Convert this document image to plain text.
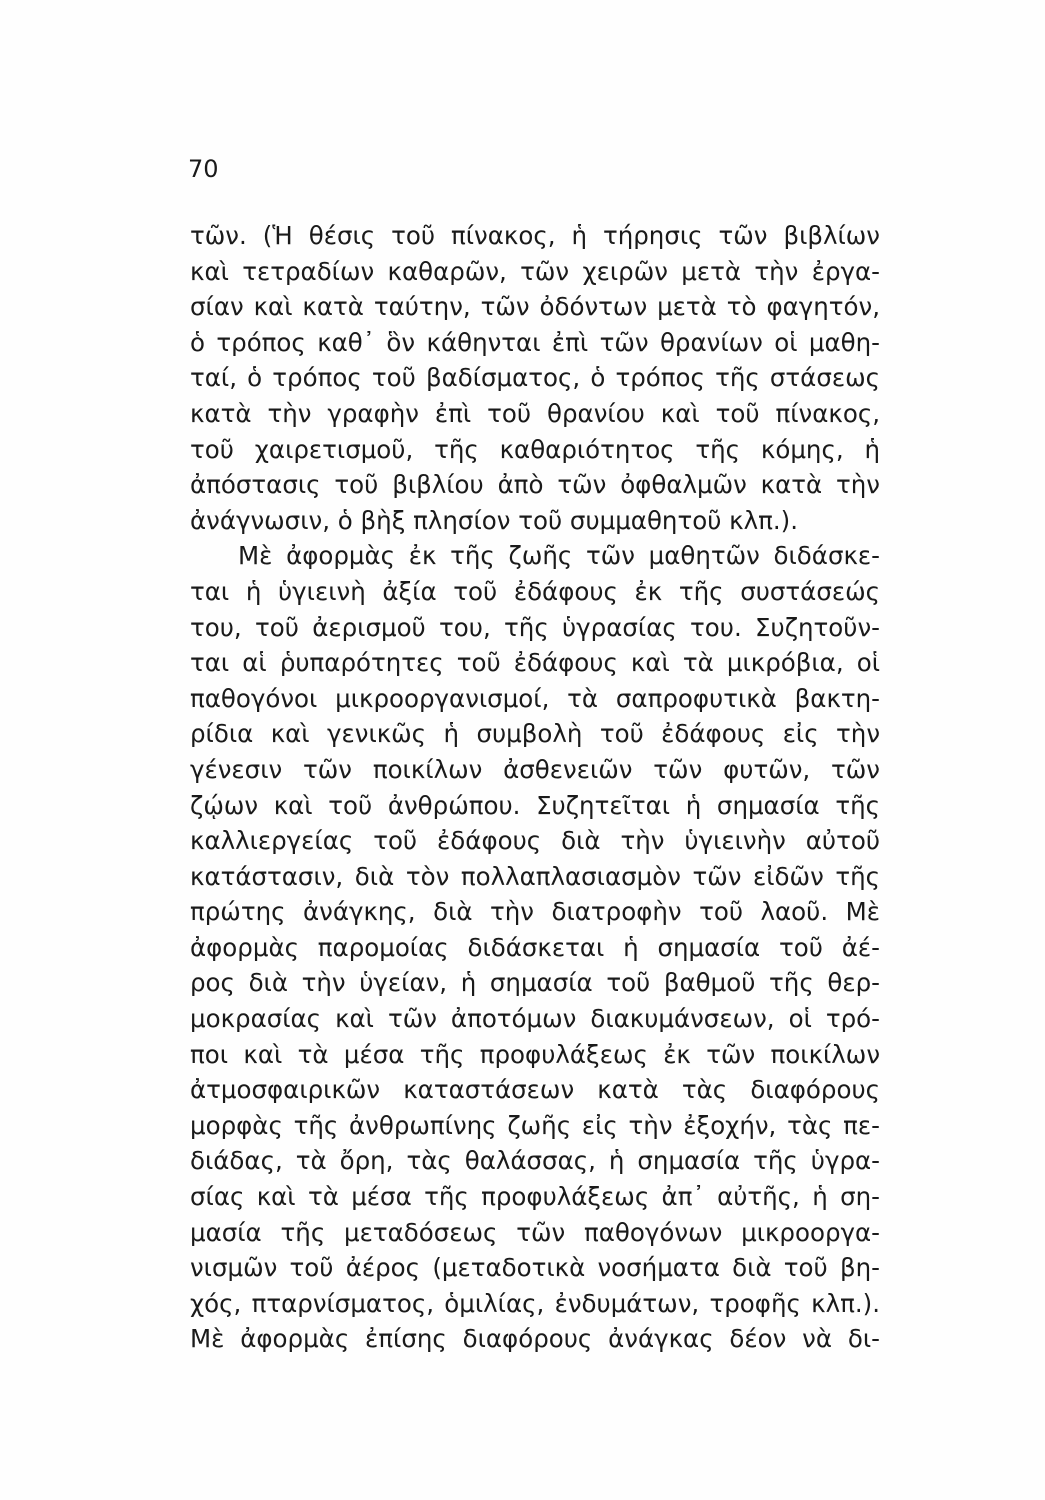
70
τῶν. (Ἡ θέσις τοῦ πίνακος, ἡ τήρησις τῶν βιβλίων
καὶ τετραδίων καθαρῶν, τῶν χειρῶν μετὰ τὴν ἐργα-
σίαν καὶ κατὰ ταύτην, τῶν ὀδόντων μετὰ τὸ φαγητόν,
ὁ τρόπος καθ᾽ ὃν κάθηνται ἐπὶ τῶν θρανίων οἱ μαθη-
ταί, ὁ τρόπος τοῦ βαδίσματος, ὁ τρόπος τῆς στάσεως
κατὰ τὴν γραφὴν ἐπὶ τοῦ θρανίου καὶ τοῦ πίνακος,
τοῦ χαιρετισμοῦ, τῆς καθαριότητος τῆς κόμης, ἡ
ἀπόστασις τοῦ βιβλίου ἀπὸ τῶν ὀφθαλμῶν κατὰ τὴν
ἀνάγνωσιν, ὁ βὴξ πλησίον τοῦ συμμαθητοῦ κλπ.).
Μὲ ἀφορμὰς ἐκ τῆς ζωῆς τῶν μαθητῶν διδάσκε-
ται ἡ ὑγιεινὴ ἀξία τοῦ ἐδάφους ἐκ τῆς συστάσεώς
του, τοῦ ἀερισμοῦ του, τῆς ὑγρασίας του. Συζητοῦν-
ται αἱ ῥυπαρότητες τοῦ ἐδάφους καὶ τὰ μικρόβια, οἱ
παθογόνοι μικροοργανισμοί, τὰ σαπροφυτικὰ βακτη-
ρίδια καὶ γενικῶς ἡ συμβολὴ τοῦ ἐδάφους εἰς τὴν
γένεσιν τῶν ποικίλων ἀσθενειῶν τῶν φυτῶν, τῶν
ζῴων καὶ τοῦ ἀνθρώπου. Συζητεῖται ἡ σημασία τῆς
καλλιεργείας τοῦ ἐδάφους διὰ τὴν ὑγιεινὴν αὐτοῦ
κατάστασιν, διὰ τὸν πολλαπλασιασμὸν τῶν εἰδῶν τῆς
πρώτης ἀνάγκης, διὰ τὴν διατροφὴν τοῦ λαοῦ. Μὲ
ἀφορμὰς παρομοίας διδάσκεται ἡ σημασία τοῦ ἀέ-
ρος διὰ τὴν ὑγείαν, ἡ σημασία τοῦ βαθμοῦ τῆς θερ-
μοκρασίας καὶ τῶν ἀποτόμων διακυμάνσεων, οἱ τρό-
ποι καὶ τὰ μέσα τῆς προφυλάξεως ἐκ τῶν ποικίλων
ἀτμοσφαιρικῶν καταστάσεων κατὰ τὰς διαφόρους
μορφὰς τῆς ἀνθρωπίνης ζωῆς εἰς τὴν ἐξοχήν, τὰς πε-
διάδας, τὰ ὄρη, τὰς θαλάσσας, ἡ σημασία τῆς ὑγρα-
σίας καὶ τὰ μέσα τῆς προφυλάξεως ἀπ᾽ αὐτῆς, ἡ ση-
μασία τῆς μεταδόσεως τῶν παθογόνων μικροοργα-
νισμῶν τοῦ ἀέρος (μεταδοτικὰ νοσήματα διὰ τοῦ βη-
χός, πταρνίσματος, ὁμιλίας, ἐνδυμάτων, τροφῆς κλπ.).
Μὲ ἀφορμὰς ἐπίσης διαφόρους ἀνάγκας δέον νὰ δι-
